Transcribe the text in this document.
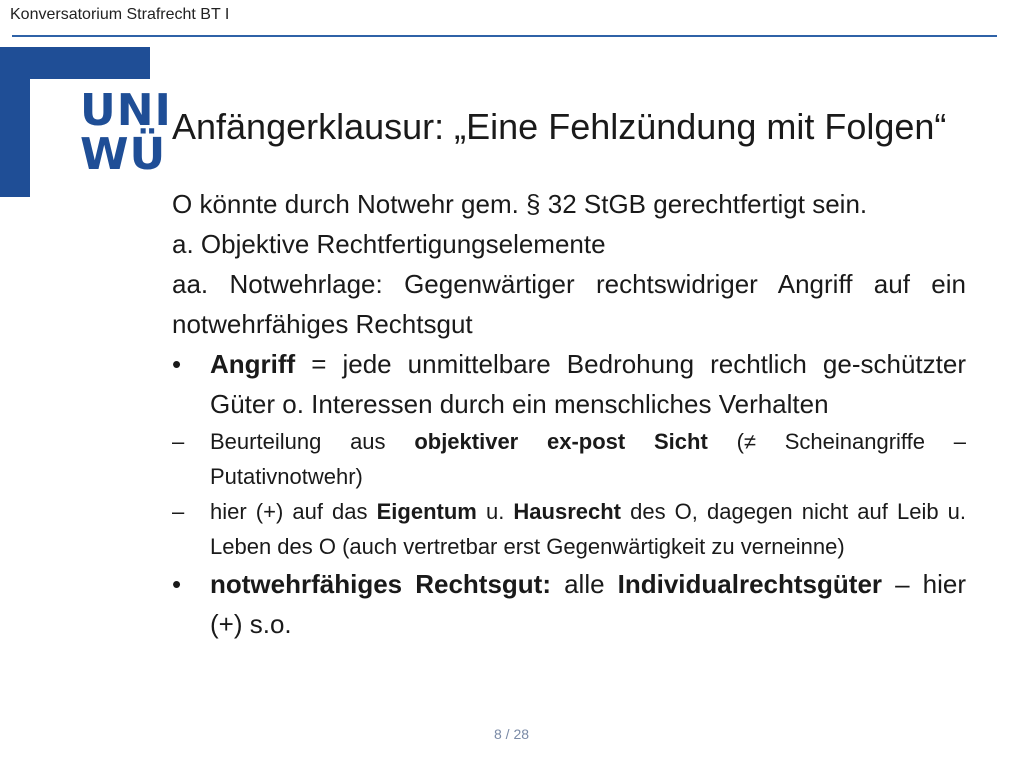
Konversatorium Strafrecht BT I
UNI
WÜ
Anfängerklausur: „Eine Fehlzündung mit Folgen“

O könnte durch Notwehr gem. § 32 StGB gerechtfertigt sein.

a. Objektive Rechtfertigungselemente

aa. Notwehrlage: Gegenwärtiger rechtswidriger Angriff auf ein notwehrfähiges Rechtsgut

• Angriff = jede unmittelbare Bedrohung rechtlich ge-schützter Güter o. Interessen durch ein menschliches Verhalten
– Beurteilung aus objektiver ex-post Sicht (≠ Scheinangriffe – Putativnotwehr)
– hier (+) auf das Eigentum u. Hausrecht des O, dagegen nicht auf Leib u. Leben des O (auch vertretbar erst Gegenwärtigkeit zu verneinne)
• notwehrfähiges Rechtsgut: alle Individualrechtsgüter – hier (+) s.o.
8 / 28
